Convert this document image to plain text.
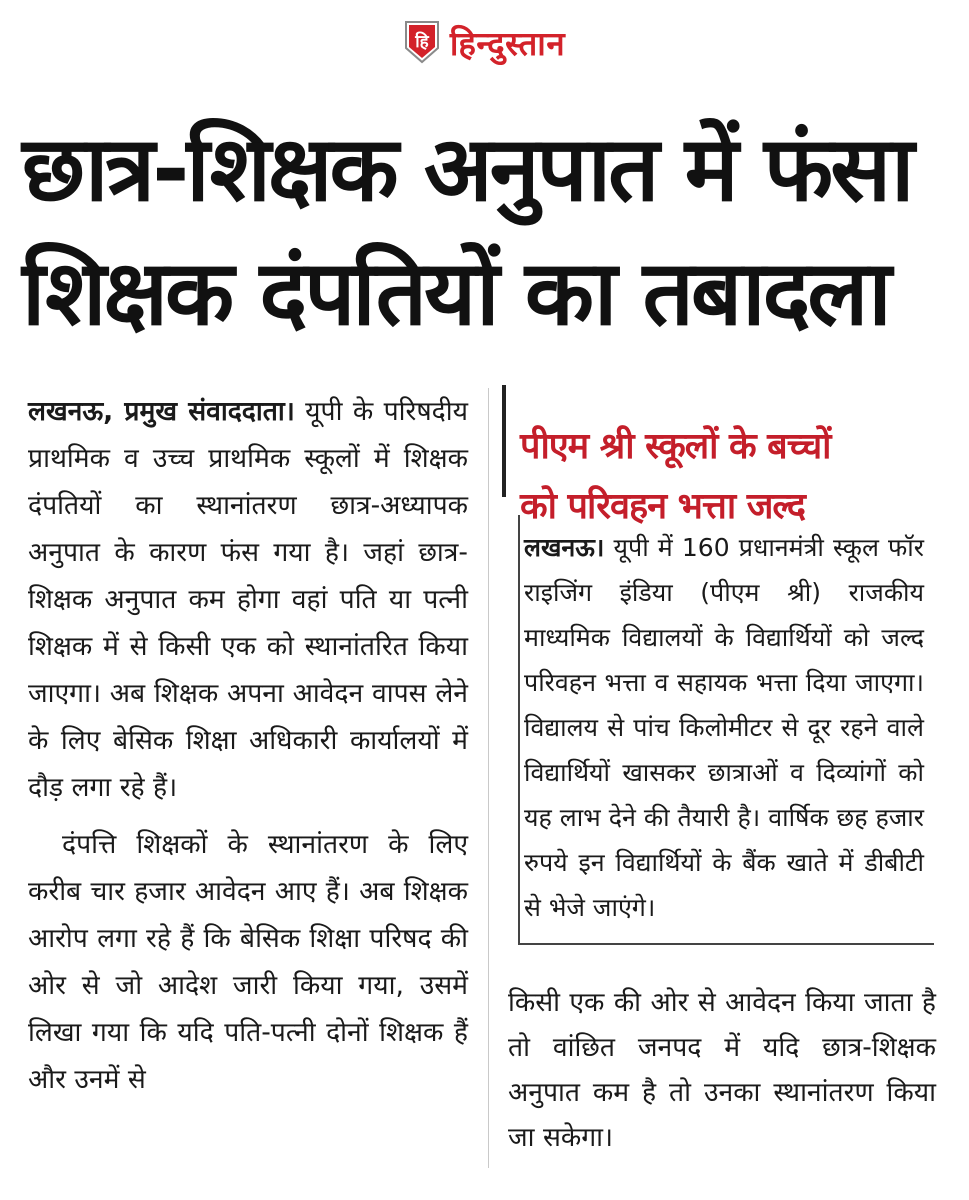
हि हिन्दुस्तान
छात्र-शिक्षक अनुपात में फंसा
शिक्षक दंपतियों का तबादला

लखनऊ, प्रमुख संवाददाता। यूपी के परिषदीय प्राथमिक व उच्च प्राथमिक स्कूलों में शिक्षक दंपतियों का स्थानांतरण छात्र-अध्यापक अनुपात के कारण फंस गया है। जहां छात्र-शिक्षक अनुपात कम होगा वहां पति या पत्नी शिक्षक में से किसी एक को स्थानांतरित किया जाएगा। अब शिक्षक अपना आवेदन वापस लेने के लिए बेसिक शिक्षा अधिकारी कार्यालयों में दौड़ लगा रहे हैं।

दंपत्ति शिक्षकों के स्थानांतरण के लिए करीब चार हजार आवेदन आए हैं। अब शिक्षक आरोप लगा रहे हैं कि बेसिक शिक्षा परिषद की ओर से जो आदेश जारी किया गया, उसमें लिखा गया कि यदि पति-पत्नी दोनों शिक्षक हैं और उनमें से

पीएम श्री स्कूलों के बच्चों
को परिवहन भत्ता जल्द

लखनऊ। यूपी में 160 प्रधानमंत्री स्कूल फॉर राइजिंग इंडिया (पीएम श्री) राजकीय माध्यमिक विद्यालयों के विद्यार्थियों को जल्द परिवहन भत्ता व सहायक भत्ता दिया जाएगा। विद्यालय से पांच किलोमीटर से दूर रहने वाले विद्यार्थियों खासकर छात्राओं व दिव्यांगों को यह लाभ देने की तैयारी है। वार्षिक छह हजार रुपये इन विद्यार्थियों के बैंक खाते में डीबीटी से भेजे जाएंगे।

किसी एक की ओर से आवेदन किया जाता है तो वांछित जनपद में यदि छात्र-शिक्षक अनुपात कम है तो उनका स्थानांतरण किया जा सकेगा।
